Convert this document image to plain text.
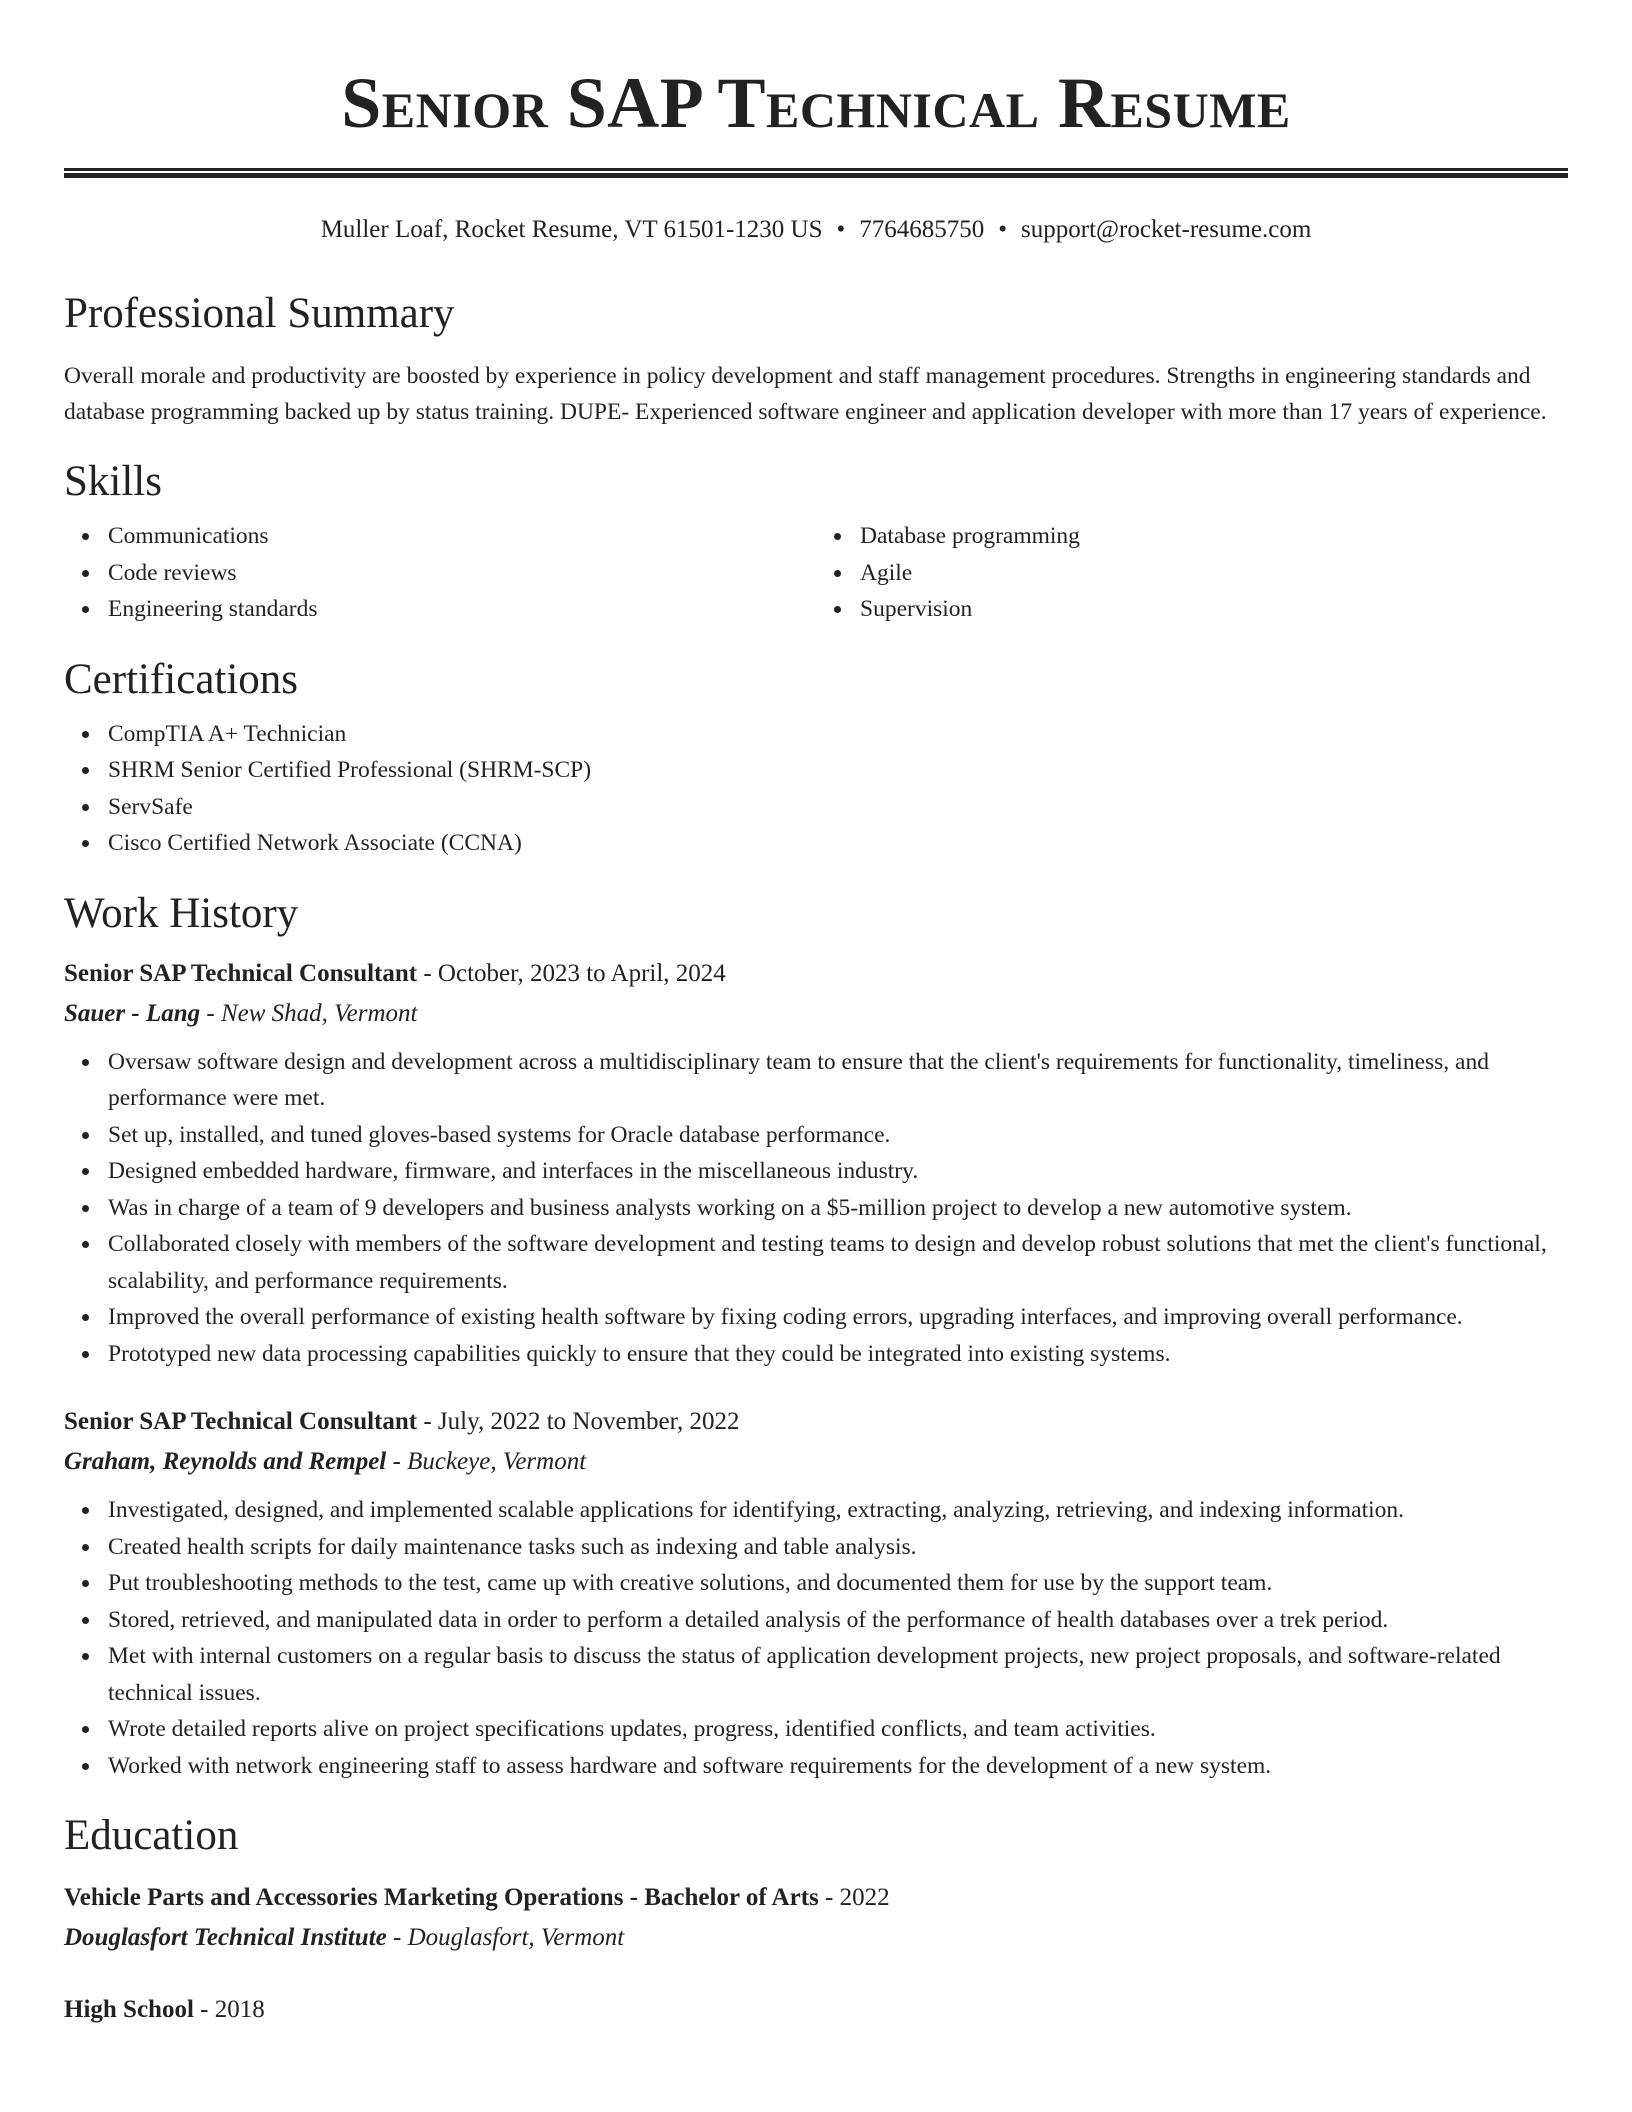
Senior SAP Technical Resume
Muller Loaf, Rocket Resume, VT 61501-1230 US • 7764685750 • support@rocket-resume.com
Professional Summary
Overall morale and productivity are boosted by experience in policy development and staff management procedures. Strengths in engineering standards and database programming backed up by status training. DUPE- Experienced software engineer and application developer with more than 17 years of experience.
Skills
Communications
Code reviews
Engineering standards
Database programming
Agile
Supervision
Certifications
CompTIA A+ Technician
SHRM Senior Certified Professional (SHRM-SCP)
ServSafe
Cisco Certified Network Associate (CCNA)
Work History
Senior SAP Technical Consultant - October, 2023 to April, 2024
Sauer - Lang - New Shad, Vermont
Oversaw software design and development across a multidisciplinary team to ensure that the client's requirements for functionality, timeliness, and performance were met.
Set up, installed, and tuned gloves-based systems for Oracle database performance.
Designed embedded hardware, firmware, and interfaces in the miscellaneous industry.
Was in charge of a team of 9 developers and business analysts working on a $5-million project to develop a new automotive system.
Collaborated closely with members of the software development and testing teams to design and develop robust solutions that met the client's functional, scalability, and performance requirements.
Improved the overall performance of existing health software by fixing coding errors, upgrading interfaces, and improving overall performance.
Prototyped new data processing capabilities quickly to ensure that they could be integrated into existing systems.
Senior SAP Technical Consultant - July, 2022 to November, 2022
Graham, Reynolds and Rempel - Buckeye, Vermont
Investigated, designed, and implemented scalable applications for identifying, extracting, analyzing, retrieving, and indexing information.
Created health scripts for daily maintenance tasks such as indexing and table analysis.
Put troubleshooting methods to the test, came up with creative solutions, and documented them for use by the support team.
Stored, retrieved, and manipulated data in order to perform a detailed analysis of the performance of health databases over a trek period.
Met with internal customers on a regular basis to discuss the status of application development projects, new project proposals, and software-related technical issues.
Wrote detailed reports alive on project specifications updates, progress, identified conflicts, and team activities.
Worked with network engineering staff to assess hardware and software requirements for the development of a new system.
Education
Vehicle Parts and Accessories Marketing Operations - Bachelor of Arts - 2022
Douglasfort Technical Institute - Douglasfort, Vermont
High School - 2018
